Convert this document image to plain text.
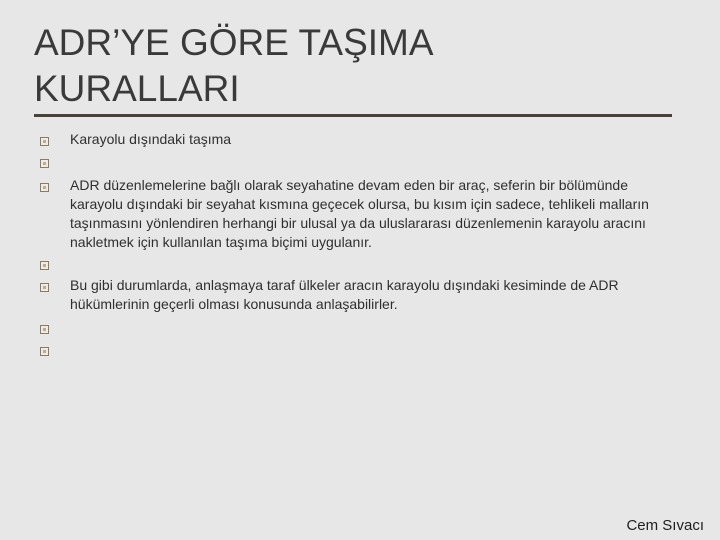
ADR’YE GÖRE TAŞIMA
KURALLARI
Karayolu dışındaki taşıma
ADR düzenlemelerine bağlı olarak seyahatine devam eden bir araç, seferin bir bölümünde karayolu dışındaki bir seyahat kısmına geçecek olursa, bu kısım için sadece, tehlikeli malların taşınmasını yönlendiren herhangi bir ulusal ya da uluslararası düzenlemenin karayolu aracını nakletmek için kullanılan taşıma biçimi uygulanır.
Bu gibi durumlarda, anlaşmaya taraf ülkeler aracın karayolu dışındaki kesiminde de ADR hükümlerinin geçerli olması konusunda anlaşabilirler.
Cem Sıvacı
